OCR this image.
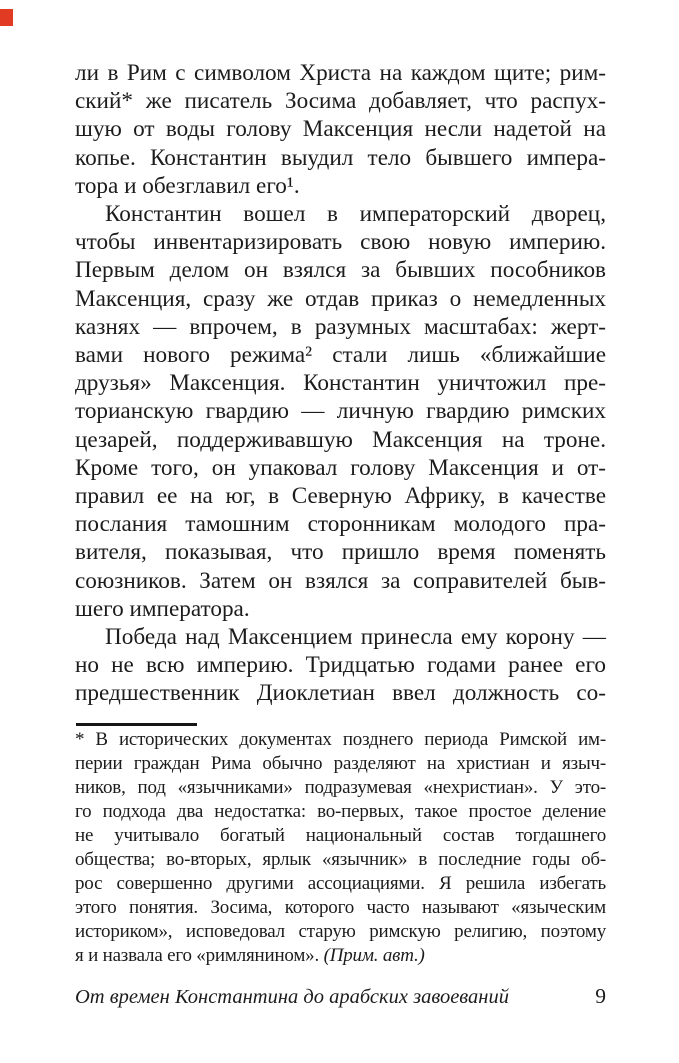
ли в Рим с символом Христа на каждом щите; рим-
ский* же писатель Зосима добавляет, что распух-
шую от воды голову Максенция несли надетой на
копье. Константин выудил тело бывшего импера-
тора и обезглавил его¹.
Константин вошел в императорский дворец,
чтобы инвентаризировать свою новую империю.
Первым делом он взялся за бывших пособников
Максенция, сразу же отдав приказ о немедленных
казнях — впрочем, в разумных масштабах: жерт-
вами нового режима² стали лишь «ближайшие
друзья» Максенция. Константин уничтожил пре-
торианскую гвардию — личную гвардию римских
цезарей, поддерживавшую Максенция на троне.
Кроме того, он упаковал голову Максенция и от-
правил ее на юг, в Северную Африку, в качестве
послания тамошним сторонникам молодого пра-
вителя, показывая, что пришло время поменять
союзников. Затем он взялся за соправителей быв-
шего императора.
Победа над Максенцием принесла ему корону —
но не всю империю. Тридцатью годами ранее его
предшественник Диоклетиан ввел должность со-
* В исторических документах позднего периода Римской им-
перии граждан Рима обычно разделяют на христиан и языч-
ников, под «язычниками» подразумевая «нехристиан». У это-
го подхода два недостатка: во-первых, такое простое деление
не учитывало богатый национальный состав тогдашнего
общества; во-вторых, ярлык «язычник» в последние годы об-
рос совершенно другими ассоциациями. Я решила избегать
этого понятия. Зосима, которого часто называют «языческим
историком», исповедовал старую римскую религию, поэтому
я и назвала его «римлянином». (Прим. авт.)
От времен Константина до арабских завоеваний	9
